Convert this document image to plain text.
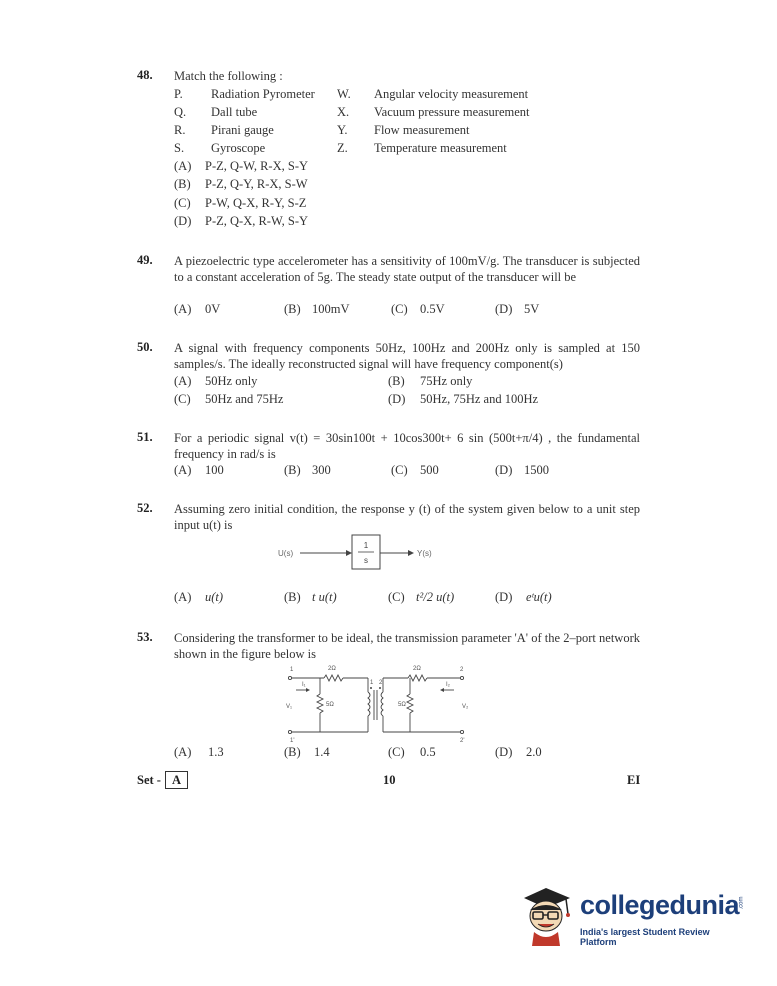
48. Match the following :
P. Radiation Pyrometer W. Angular velocity measurement
Q. Dall tube	X. Vacuum pressure measurement
R. Pirani gauge	Y. Flow measurement
S. Gyroscope	Z. Temperature measurement
(A) P-Z, Q-W, R-X, S-Y
(B) P-Z, Q-Y, R-X, S-W
(C) P-W, Q-X, R-Y, S-Z
(D) P-Z, Q-X, R-W, S-Y
49. A piezoelectric type accelerometer has a sensitivity of 100mV/g. The transducer is subjected to a constant acceleration of 5g. The steady state output of the transducer will be
(A) 0V	(B) 100mV	(C) 0.5V	(D) 5V
50. A signal with frequency components 50Hz, 100Hz and 200Hz only is sampled at 150 samples/s. The ideally reconstructed signal will have frequency component(s)
(A) 50Hz only	(B) 75Hz only
(C) 50Hz and 75Hz	(D) 50Hz, 75Hz and 100Hz
51. For a periodic signal v(t) = 30sin100t + 10cos300t+ 6 sin (500t+π/4) , the fundamental frequency in rad/s is
(A) 100	(B) 300	(C) 500	(D) 1500
52. Assuming zero initial condition, the response y (t) of the system given below to a unit step input u(t) is
U(s)
1
s
Y(s)
(A) u(t)	(B) t u(t)	(C) t²/2 u(t)	(D) eᵗu(t)
53. Considering the transformer to be ideal, the transmission parameter 'A' of the 2–port network shown in the figure below is
1
1'
2
2'
2Ω	2Ω
5Ω	5Ω
1 2
V₁	V₂
I₁	I₂
(A) 1.3	(B) 1.4	(C) 0.5	(D) 2.0
Set - A	10	EI
collegedunia .com
India's largest Student Review Platform
